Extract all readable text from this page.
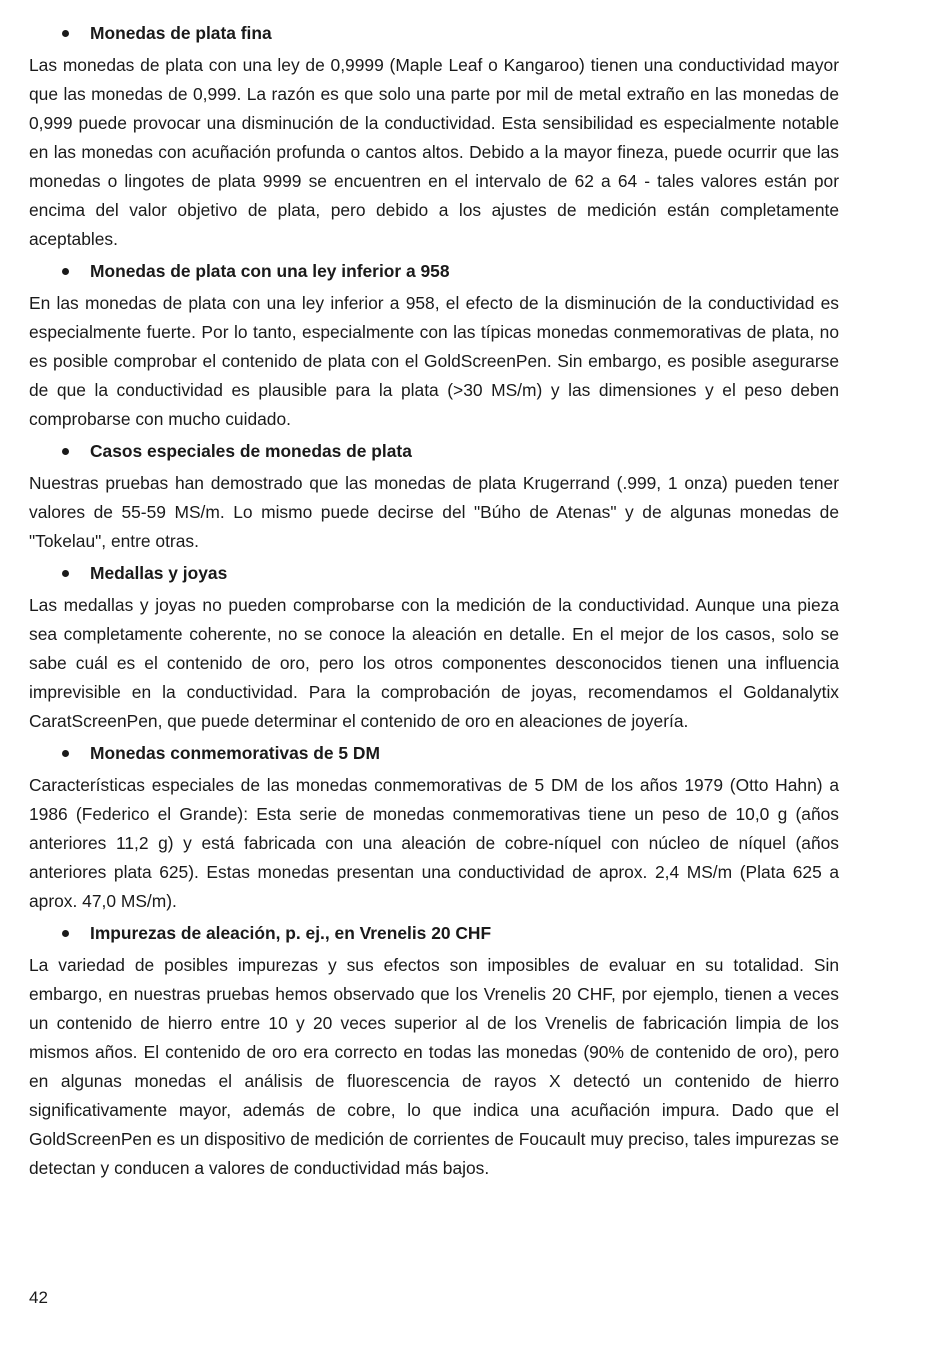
Monedas de plata fina

Las monedas de plata con una ley de 0,9999 (Maple Leaf o Kangaroo) tienen una conductividad mayor que las monedas de 0,999. La razón es que solo una parte por mil de metal extraño en las monedas de 0,999 puede provocar una disminución de la conductividad. Esta sensibilidad es especialmente notable en las monedas con acuñación profunda o cantos altos. Debido a la mayor fineza, puede ocurrir que las monedas o lingotes de plata 9999 se encuentren en el intervalo de 62 a 64 - tales valores están por encima del valor objetivo de plata, pero debido a los ajustes de medición están completamente aceptables.

Monedas de plata con una ley inferior a 958

En las monedas de plata con una ley inferior a 958, el efecto de la disminución de la conductividad es especialmente fuerte. Por lo tanto, especialmente con las típicas monedas conmemorativas de plata, no es posible comprobar el contenido de plata con el GoldScreenPen. Sin embargo, es posible asegurarse de que la conductividad es plausible para la plata (>30 MS/m) y las dimensiones y el peso deben comprobarse con mucho cuidado.

Casos especiales de monedas de plata

Nuestras pruebas han demostrado que las monedas de plata Krugerrand (.999, 1 onza) pueden tener valores de 55-59 MS/m. Lo mismo puede decirse del "Búho de Atenas" y de algunas monedas de "Tokelau", entre otras.

Medallas y joyas

Las medallas y joyas no pueden comprobarse con la medición de la conductividad. Aunque una pieza sea completamente coherente, no se conoce la aleación en detalle. En el mejor de los casos, solo se sabe cuál es el contenido de oro, pero los otros componentes desconocidos tienen una influencia imprevisible en la conductividad. Para la comprobación de joyas, recomendamos el Goldanalytix CaratScreenPen, que puede determinar el contenido de oro en aleaciones de joyería.

Monedas conmemorativas de 5 DM

Características especiales de las monedas conmemorativas de 5 DM de los años 1979 (Otto Hahn) a 1986 (Federico el Grande): Esta serie de monedas conmemorativas tiene un peso de 10,0 g (años anteriores 11,2 g) y está fabricada con una aleación de cobre-níquel con núcleo de níquel (años anteriores plata 625). Estas monedas presentan una conductividad de aprox. 2,4 MS/m (Plata 625 a aprox. 47,0 MS/m).

Impurezas de aleación, p. ej., en Vrenelis 20 CHF

La variedad de posibles impurezas y sus efectos son imposibles de evaluar en su totalidad. Sin embargo, en nuestras pruebas hemos observado que los Vrenelis 20 CHF, por ejemplo, tienen a veces un contenido de hierro entre 10 y 20 veces superior al de los Vrenelis de fabricación limpia de los mismos años. El contenido de oro era correcto en todas las monedas (90% de contenido de oro), pero en algunas monedas el análisis de fluorescencia de rayos X detectó un contenido de hierro significativamente mayor, además de cobre, lo que indica una acuñación impura. Dado que el GoldScreenPen es un dispositivo de medición de corrientes de Foucault muy preciso, tales impurezas se detectan y conducen a valores de conductividad más bajos.

42
